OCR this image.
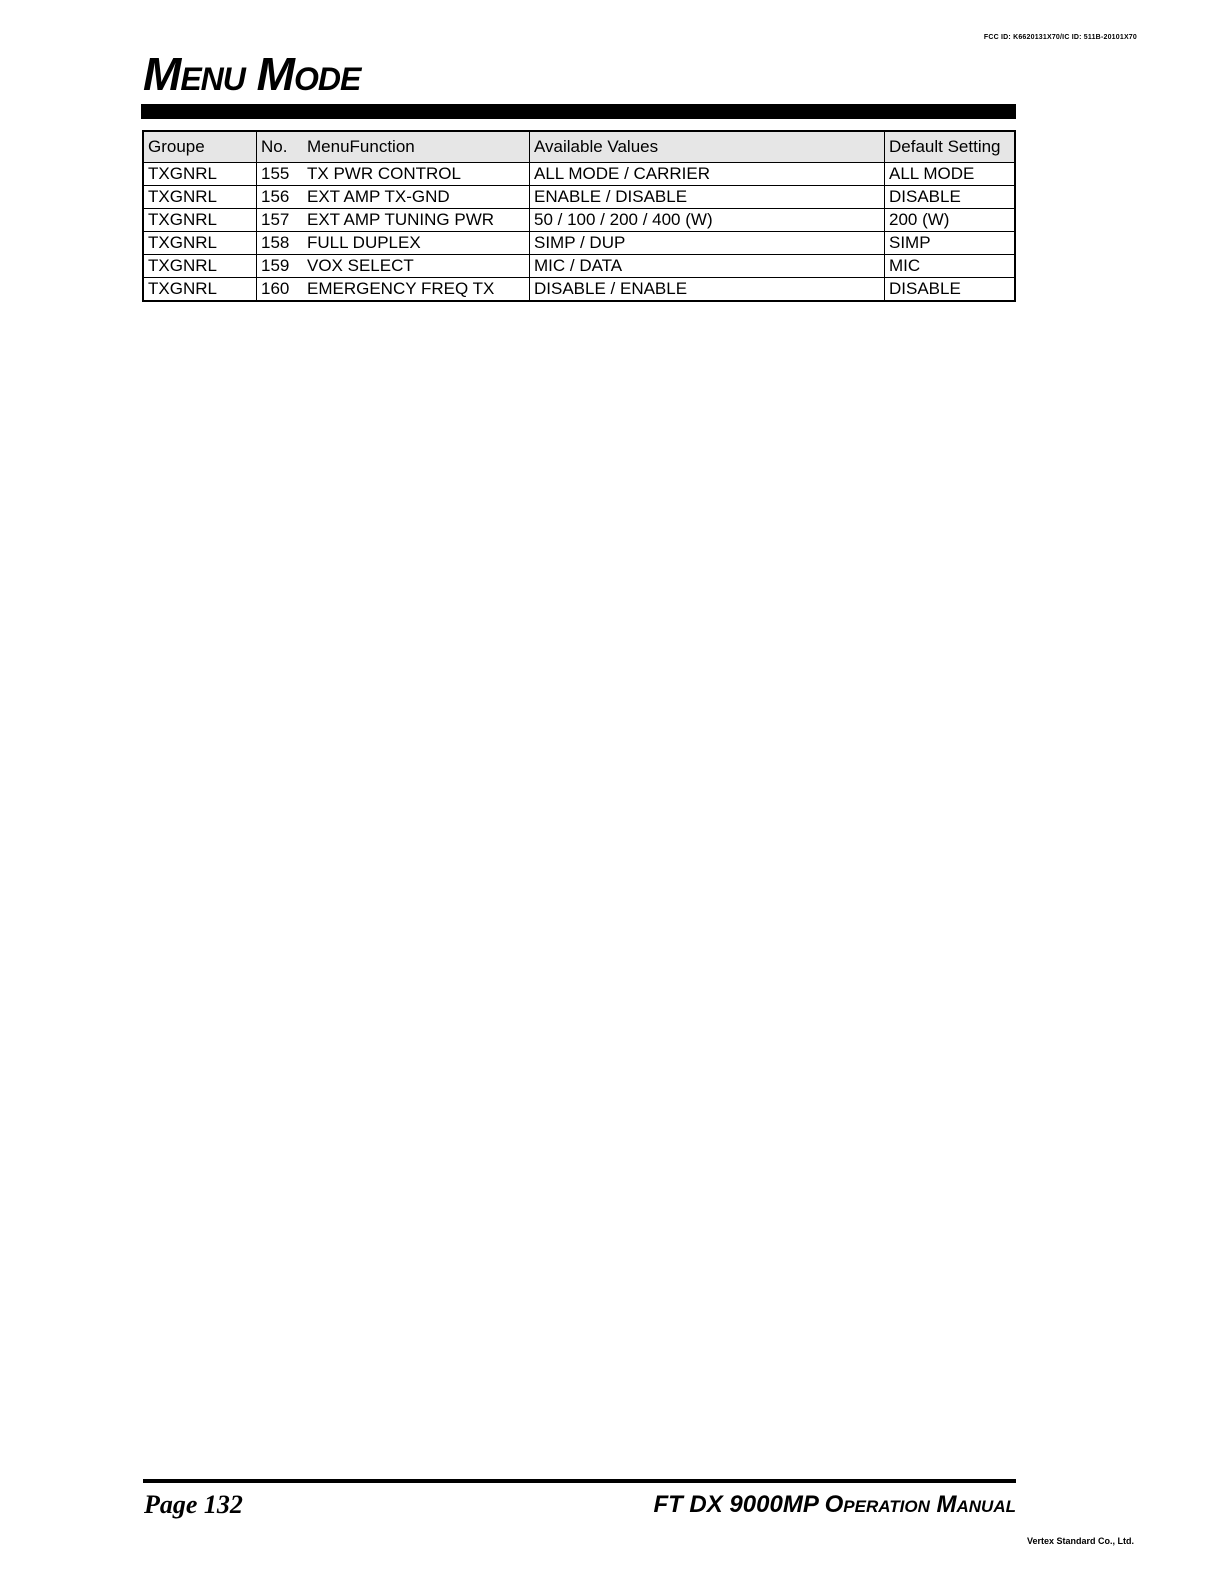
FCC ID: K6620131X70/IC ID: 511B-20101X70
Menu Mode
Groupe	No.	MenuFunction	Available Values	Default Setting
TXGNRL	155	TX PWR CONTROL	ALL MODE / CARRIER	ALL MODE
TXGNRL	156	EXT AMP TX-GND	ENABLE / DISABLE	DISABLE
TXGNRL	157	EXT AMP TUNING PWR	50 / 100 / 200 / 400 (W)	200 (W)
TXGNRL	158	FULL DUPLEX	SIMP / DUP	SIMP
TXGNRL	159	VOX SELECT	MIC / DATA	MIC
TXGNRL	160	EMERGENCY FREQ TX	DISABLE / ENABLE	DISABLE
Page 132	FT DX 9000MP Operation Manual
Vertex Standard Co., Ltd.
